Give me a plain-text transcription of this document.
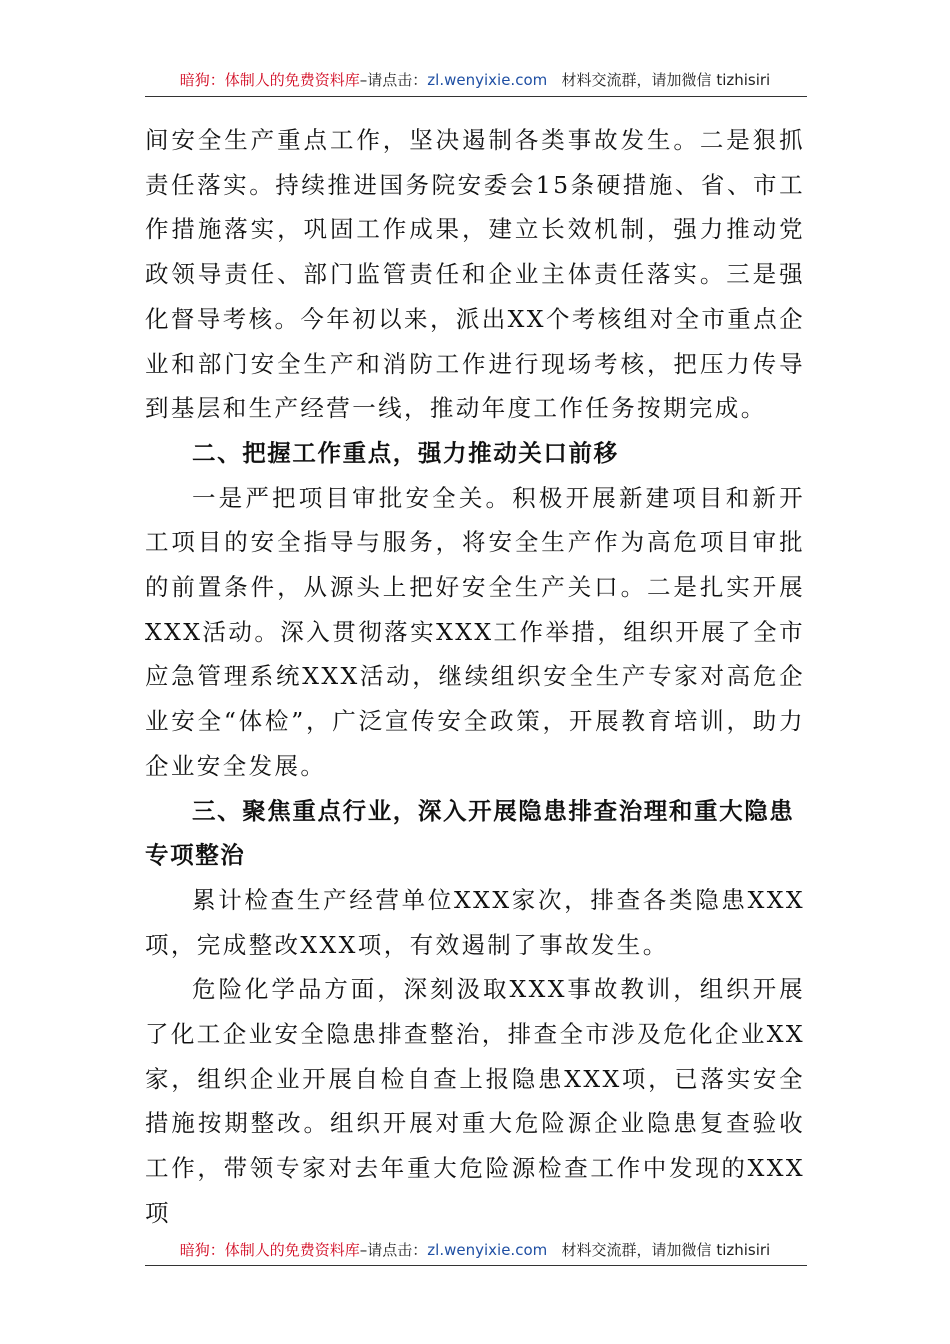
暗狗：体制人的免费资料库–请点击：zl.wenyixie.com 材料交流群，请加微信 tizhisiri

间安全生产重点工作，坚决遏制各类事故发生。二是狠抓责任落实。持续推进国务院安委会15条硬措施、省、市工作措施落实，巩固工作成果，建立长效机制，强力推动党政领导责任、部门监管责任和企业主体责任落实。三是强化督导考核。今年初以来，派出XX个考核组对全市重点企业和部门安全生产和消防工作进行现场考核，把压力传导到基层和生产经营一线，推动年度工作任务按期完成。

二、把握工作重点，强力推动关口前移

一是严把项目审批安全关。积极开展新建项目和新开工项目的安全指导与服务，将安全生产作为高危项目审批的前置条件，从源头上把好安全生产关口。二是扎实开展XXX活动。深入贯彻落实XXX工作举措，组织开展了全市应急管理系统XXX活动，继续组织安全生产专家对高危企业安全“体检”，广泛宣传安全政策，开展教育培训，助力企业安全发展。

三、聚焦重点行业，深入开展隐患排查治理和重大隐患专项整治

累计检查生产经营单位XXX家次，排查各类隐患XXX项，完成整改XXX项，有效遏制了事故发生。

危险化学品方面，深刻汲取XXX事故教训，组织开展了化工企业安全隐患排查整治，排查全市涉及危化企业XX家，组织企业开展自检自查上报隐患XXX项，已落实安全措施按期整改。组织开展对重大危险源企业隐患复查验收工作，带领专家对去年重大危险源检查工作中发现的XXX项

暗狗：体制人的免费资料库–请点击：zl.wenyixie.com 材料交流群，请加微信 tizhisiri
